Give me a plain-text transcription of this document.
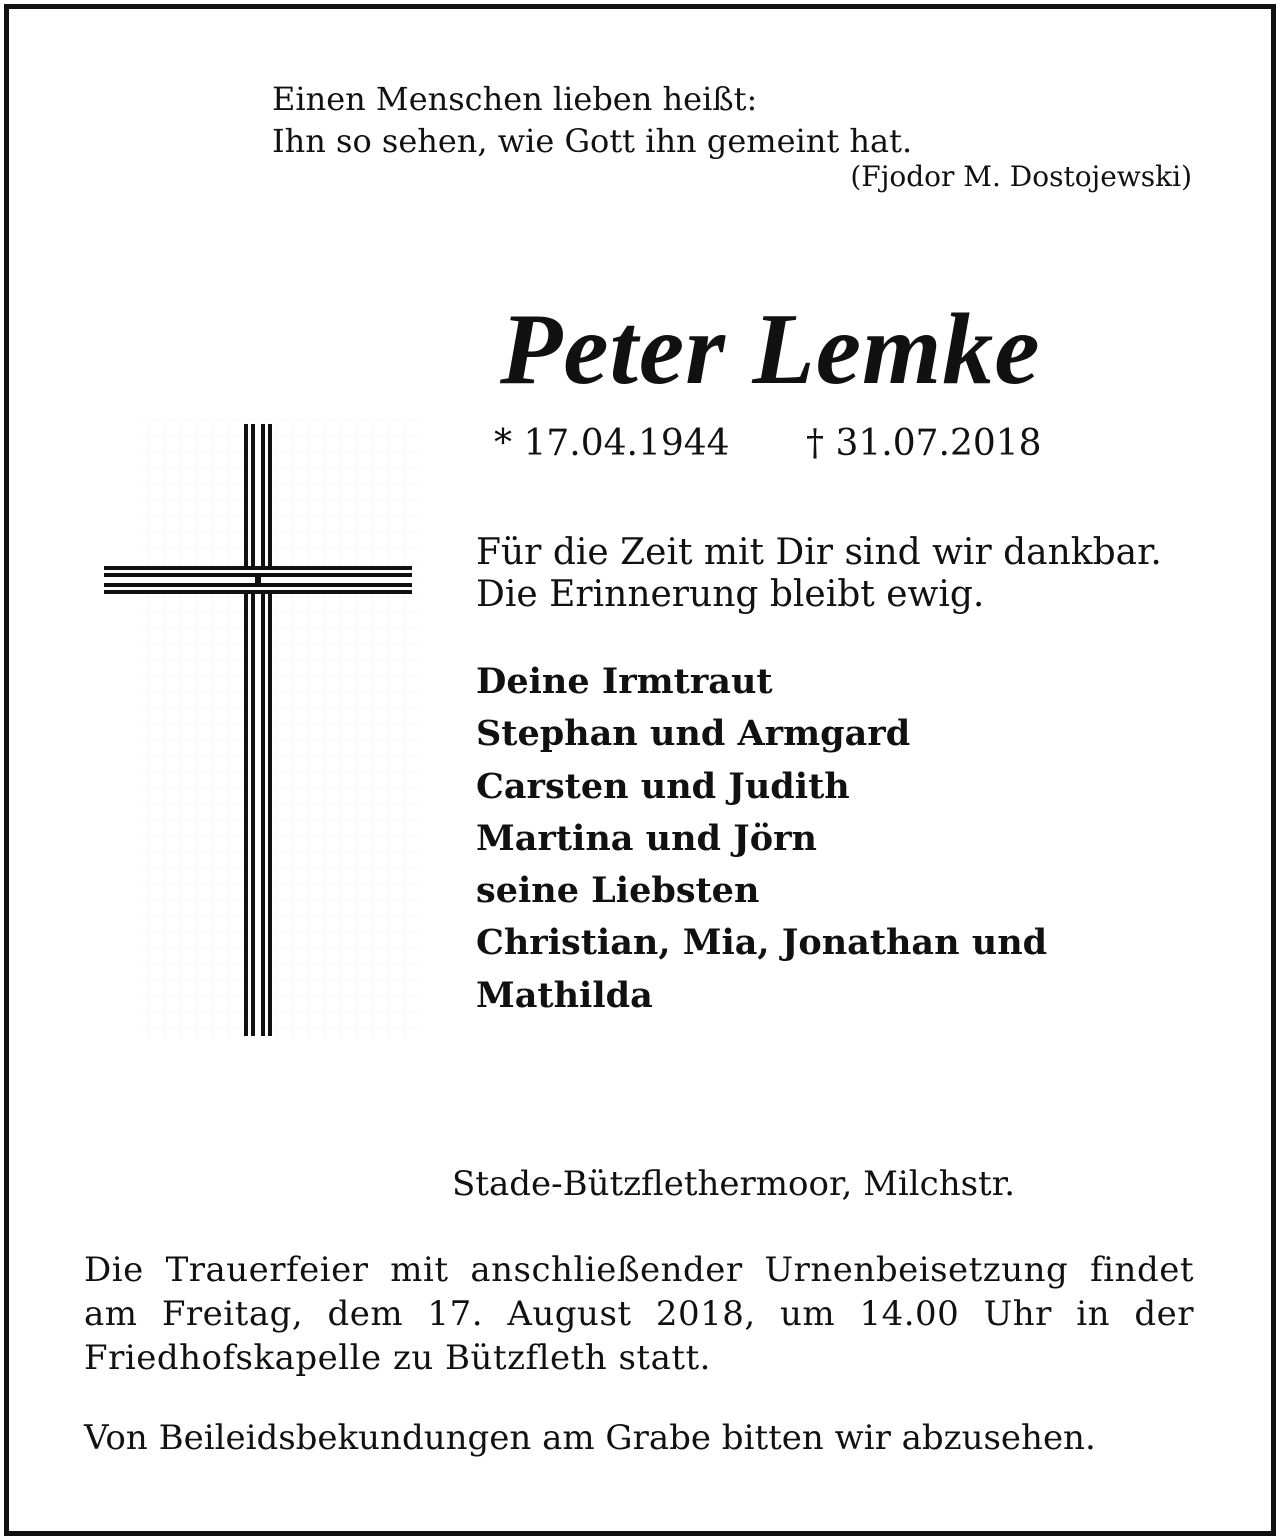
Einen Menschen lieben heißt:
Ihn so sehen, wie Gott ihn gemeint hat.
(Fjodor M. Dostojewski)
Peter Lemke
* 17.04.1944 † 31.07.2018
Für die Zeit mit Dir sind wir dankbar.
Die Erinnerung bleibt ewig.
Deine Irmtraut
Stephan und Armgard
Carsten und Judith
Martina und Jörn
seine Liebsten
Christian, Mia, Jonathan und
Mathilda
Stade-Bützflethermoor, Milchstr.
Die Trauerfeier mit anschließender Urnenbeisetzung findet am Freitag, dem 17. August 2018, um 14.00 Uhr in der Friedhofskapelle zu Bützfleth statt.
Von Beileidsbekundungen am Grabe bitten wir abzusehen.
